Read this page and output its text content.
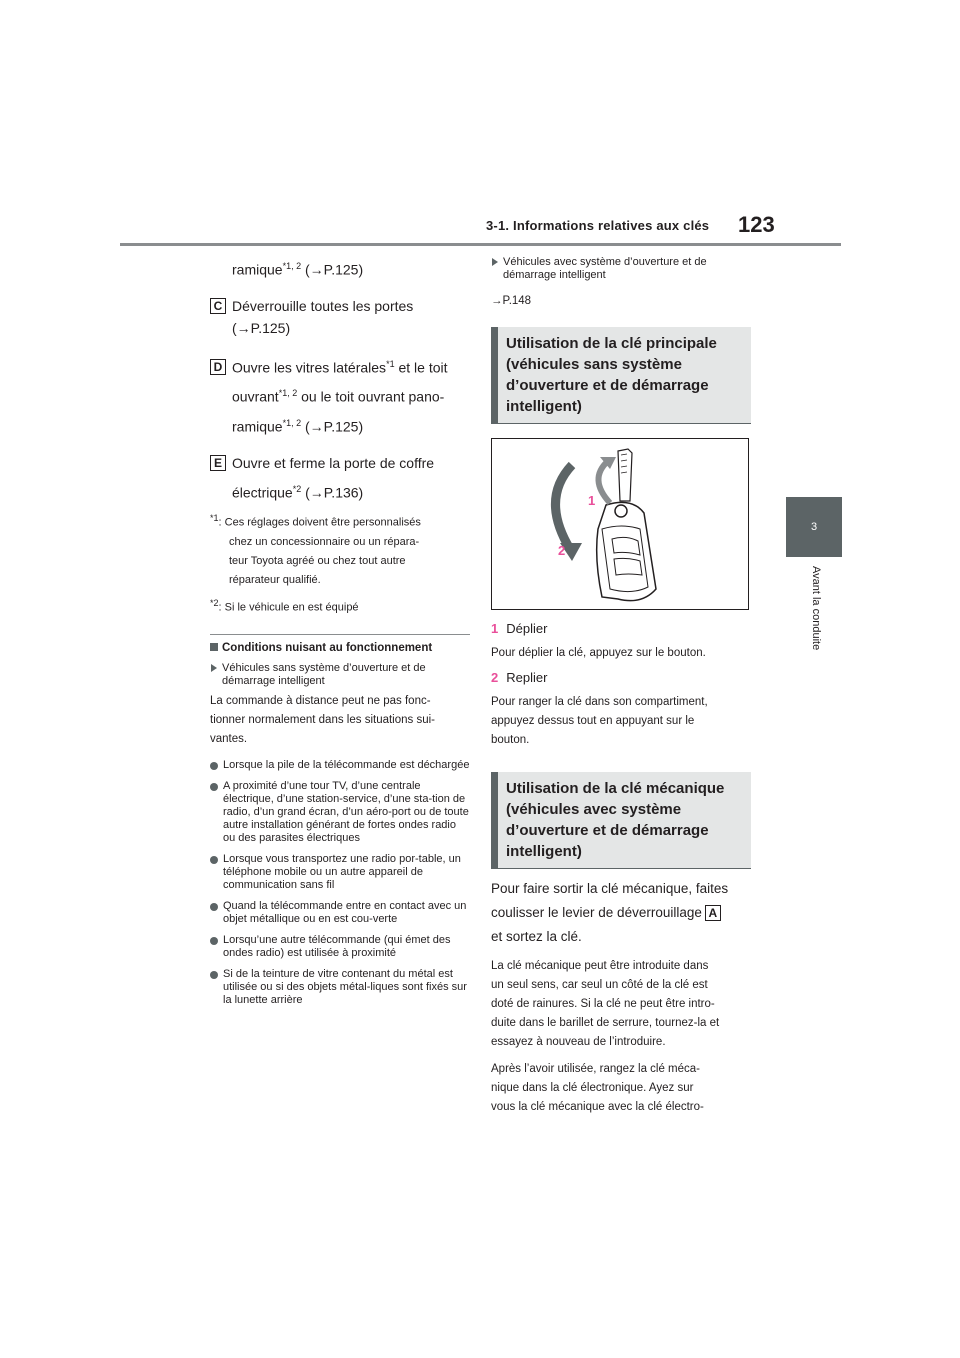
3-1. Informations relatives aux clés 123
3
Avant la conduite

ramique$^{*1, 2}$ (→P.125)

C Déverrouille toutes les portes

(→P.125)

D Ouvre les vitres latérales$^{*1}$ et le toit

ouvrant$^{*1, 2}$ ou le toit ouvrant pano-

ramique$^{*1, 2}$ (→P.125)

E Ouvre et ferme la porte de coffre

électrique$^{*2}$ (→P.136)

$^{*1}$: Ces réglages doivent être personnalisés

chez un concessionnaire ou un répara-

teur Toyota agréé ou chez tout autre

réparateur qualifié.

$^{*2}$: Si le véhicule en est équipé

Conditions nuisant au fonctionnement

Véhicules sans système d’ouverture et de démarrage intelligent

La commande à distance peut ne pas fonc-

tionner normalement dans les situations sui-

vantes.

Lorsque la pile de la télécommande est déchargée

A proximité d’une tour TV, d’une centrale électrique, d’une station-service, d’une sta-tion de radio, d’un grand écran, d’un aéro-port ou de toute autre installation générant de fortes ondes radio ou des parasites électriques

Lorsque vous transportez une radio por-table, un téléphone mobile ou un autre appareil de communication sans fil

Quand la télécommande entre en contact avec un objet métallique ou en est cou-verte

Lorsqu’une autre télécommande (qui émet des ondes radio) est utilisée à proximité

Si de la teinture de vitre contenant du métal est utilisée ou si des objets métal-liques sont fixés sur la lunette arrière

Véhicules avec système d’ouverture et de démarrage intelligent

→P.148

Utilisation de la clé principale (véhicules sans système d’ouverture et de démarrage intelligent)
1
2

1 Déplier

Pour déplier la clé, appuyez sur le bouton.

2 Replier

Pour ranger la clé dans son compartiment,

appuyez dessus tout en appuyant sur le

bouton.

Utilisation de la clé mécanique (véhicules avec système d’ouverture et de démarrage intelligent)

Pour faire sortir la clé mécanique, faites

coulisser le levier de déverrouillage A

et sortez la clé.

La clé mécanique peut être introduite dans

un seul sens, car seul un côté de la clé est

doté de rainures. Si la clé ne peut être intro-

duite dans le barillet de serrure, tournez-la et

essayez à nouveau de l’introduire.

Après l’avoir utilisée, rangez la clé méca-

nique dans la clé électronique. Ayez sur

vous la clé mécanique avec la clé électro-
